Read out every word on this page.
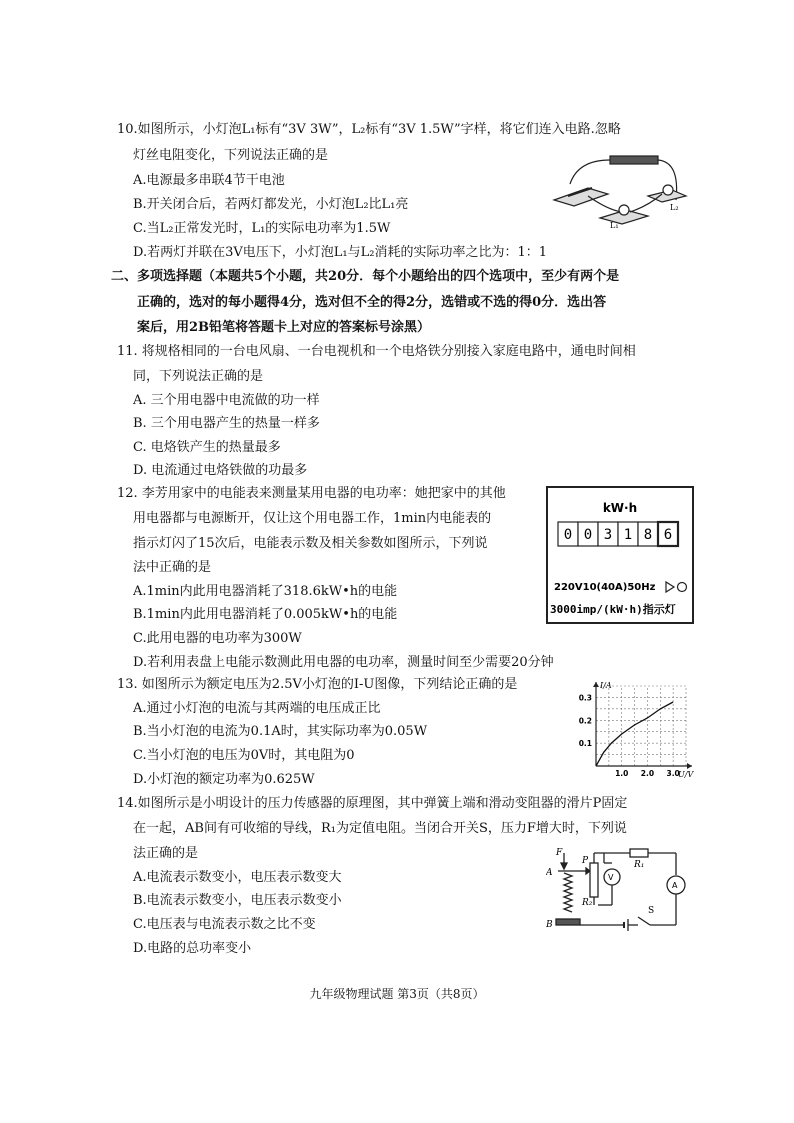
10.如图所示，小灯泡L₁标有“3V 3W”，L₂标有“3V 1.5W”字样，将它们连入电路.忽略
灯丝电阻变化，下列说法正确的是
A.电源最多串联4节干电池
B.开关闭合后，若两灯都发光，小灯泡L₂比L₁亮
C.当L₂正常发光时，L₁的实际电功率为1.5W
D.若两灯并联在3V电压下，小灯泡L₁与L₂消耗的实际功率之比为：1：1
L₁
L₂
二、多项选择题（本题共5个小题，共20分．每个小题给出的四个选项中，至少有两个是
正确的，选对的每小题得4分，选对但不全的得2分，选错或不选的得0分．选出答
案后，用2B铅笔将答题卡上对应的答案标号涂黑）
11. 将规格相同的一台电风扇、一台电视机和一个电烙铁分别接入家庭电路中，通电时间相
同，下列说法正确的是
A. 三个用电器中电流做的功一样
B. 三个用电器产生的热量一样多
C. 电烙铁产生的热量最多
D. 电流通过电烙铁做的功最多
12. 李芳用家中的电能表来测量某用电器的电功率：她把家中的其他
用电器都与电源断开，仅让这个用电器工作，1min内电能表的
指示灯闪了15次后，电能表示数及相关参数如图所示，下列说
法中正确的是
A.1min内此用电器消耗了318.6kW•h的电能
B.1min内此用电器消耗了0.005kW•h的电能
C.此用电器的电功率为300W
D.若利用表盘上电能示数测此用电器的电功率，测量时间至少需要20分钟
kW·h
0 0 3 1 8 6
220V10(40A)50Hz
3000imp/(kW·h)指示灯
13. 如图所示为额定电压为2.5V小灯泡的I-U图像，下列结论正确的是
A.通过小灯泡的电流与其两端的电压成正比
B.当小灯泡的电流为0.1A时，其实际功率为0.05W
C.当小灯泡的电压为0V时，其电阻为0
D.小灯泡的额定功率为0.625W
I/A
U/V
1.0 2.0 3.0
0.1
0.2
0.3
14.如图所示是小明设计的压力传感器的原理图，其中弹簧上端和滑动变阻器的滑片P固定
在一起，AB间有可收缩的导线，R₁为定值电阻。当闭合开关S，压力F增大时，下列说
法正确的是
A.电流表示数变小，电压表示数变大
B.电流表示数变小，电压表示数变小
C.电压表与电流表示数之比不变
D.电路的总功率变小
F
P
A
B
R₁
R₂
V
A
S
九年级物理试题 第3页（共8页）
